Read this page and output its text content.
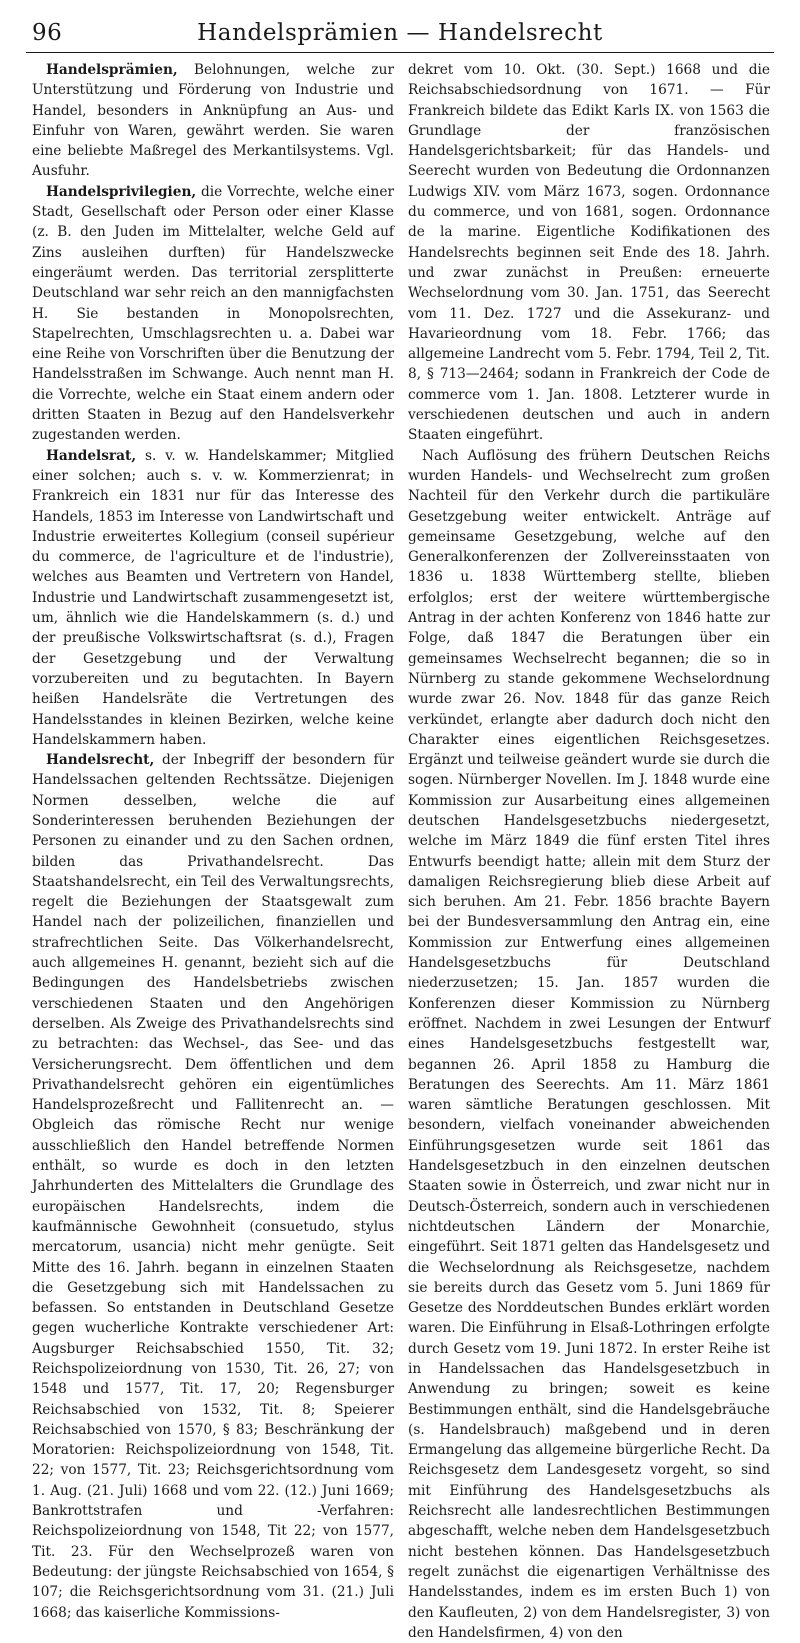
96	Handelsprämien — Handelsrecht

Handelsprämien, Belohnungen, welche zur Unterstützung und Förderung von Industrie und Handel, besonders in Anknüpfung an Aus- und Einfuhr von Waren, gewährt werden. Sie waren eine beliebte Maßregel des Merkantilsystems. Vgl. Ausfuhr.

Handelsprivilegien, die Vorrechte, welche einer Stadt, Gesellschaft oder Person oder einer Klasse (z. B. den Juden im Mittelalter, welche Geld auf Zins ausleihen durften) für Handelszwecke eingeräumt werden. Das territorial zersplitterte Deutschland war sehr reich an den mannigfachsten H. Sie bestanden in Monopolsrechten, Stapelrechten, Umschlagsrechten u. a. Dabei war eine Reihe von Vorschriften über die Benutzung der Handelsstraßen im Schwange. Auch nennt man H. die Vorrechte, welche ein Staat einem andern oder dritten Staaten in Bezug auf den Handelsverkehr zugestanden werden.

Handelsrat, s. v. w. Handelskammer; Mitglied einer solchen; auch s. v. w. Kommerzienrat; in Frankreich ein 1831 nur für das Interesse des Handels, 1853 im Interesse von Landwirtschaft und Industrie erweitertes Kollegium (conseil supérieur du commerce, de l'agriculture et de l'industrie), welches aus Beamten und Vertretern von Handel, Industrie und Landwirtschaft zusammengesetzt ist, um, ähnlich wie die Handelskammern (s. d.) und der preußische Volkswirtschaftsrat (s. d.), Fragen der Gesetzgebung und der Verwaltung vorzubereiten und zu begutachten. In Bayern heißen Handelsräte die Vertretungen des Handelsstandes in kleinen Bezirken, welche keine Handelskammern haben.

Handelsrecht, der Inbegriff der besondern für Handelssachen geltenden Rechtssätze. Diejenigen Normen desselben, welche die auf Sonderinteressen beruhenden Beziehungen der Personen zu einander und zu den Sachen ordnen, bilden das Privathandelsrecht. Das Staatshandelsrecht, ein Teil des Verwaltungsrechts, regelt die Beziehungen der Staatsgewalt zum Handel nach der polizeilichen, finanziellen und strafrechtlichen Seite. Das Völkerhandelsrecht, auch allgemeines H. genannt, bezieht sich auf die Bedingungen des Handelsbetriebs zwischen verschiedenen Staaten und den Angehörigen derselben. Als Zweige des Privathandelsrechts sind zu betrachten: das Wechsel-, das See- und das Versicherungsrecht. Dem öffentlichen und dem Privathandelsrecht gehören ein eigentümliches Handelsprozeßrecht und Fallitenrecht an. — Obgleich das römische Recht nur wenige ausschließlich den Handel betreffende Normen enthält, so wurde es doch in den letzten Jahrhunderten des Mittelalters die Grundlage des europäischen Handelsrechts, indem die kaufmännische Gewohnheit (consuetudo, stylus mercatorum, usancia) nicht mehr genügte. Seit Mitte des 16. Jahrh. begann in einzelnen Staaten die Gesetzgebung sich mit Handelssachen zu befassen. So entstanden in Deutschland Gesetze gegen wucherliche Kontrakte verschiedener Art: Augsburger Reichsabschied 1550, Tit. 32; Reichspolizeiordnung von 1530, Tit. 26, 27; von 1548 und 1577, Tit. 17, 20; Regensburger Reichsabschied von 1532, Tit. 8; Speierer Reichsabschied von 1570, § 83; Beschränkung der Moratorien: Reichspolizeiordnung von 1548, Tit. 22; von 1577, Tit. 23; Reichsgerichtsordnung vom 1. Aug. (21. Juli) 1668 und vom 22. (12.) Juni 1669; Bankrottstrafen und -Verfahren: Reichspolizeiordnung von 1548, Tit 22; von 1577, Tit. 23. Für den Wechselprozeß waren von Bedeutung: der jüngste Reichsabschied von 1654, § 107; die Reichsgerichtsordnung vom 31. (21.) Juli 1668; das kaiserliche Kommissions-

dekret vom 10. Okt. (30. Sept.) 1668 und die Reichsabschiedsordnung von 1671. — Für Frankreich bildete das Edikt Karls IX. von 1563 die Grundlage der französischen Handelsgerichtsbarkeit; für das Handels- und Seerecht wurden von Bedeutung die Ordonnanzen Ludwigs XIV. vom März 1673, sogen. Ordonnance du commerce, und von 1681, sogen. Ordonnance de la marine. Eigentliche Kodifikationen des Handelsrechts beginnen seit Ende des 18. Jahrh. und zwar zunächst in Preußen: erneuerte Wechselordnung vom 30. Jan. 1751, das Seerecht vom 11. Dez. 1727 und die Assekuranz- und Havarieordnung vom 18. Febr. 1766; das allgemeine Landrecht vom 5. Febr. 1794, Teil 2, Tit. 8, § 713—2464; sodann in Frankreich der Code de commerce vom 1. Jan. 1808. Letzterer wurde in verschiedenen deutschen und auch in andern Staaten eingeführt.

Nach Auflösung des frühern Deutschen Reichs wurden Handels- und Wechselrecht zum großen Nachteil für den Verkehr durch die partikuläre Gesetzgebung weiter entwickelt. Anträge auf gemeinsame Gesetzgebung, welche auf den Generalkonferenzen der Zollvereinsstaaten von 1836 u. 1838 Württemberg stellte, blieben erfolglos; erst der weitere württembergische Antrag in der achten Konferenz von 1846 hatte zur Folge, daß 1847 die Beratungen über ein gemeinsames Wechselrecht begannen; die so in Nürnberg zu stande gekommene Wechselordnung wurde zwar 26. Nov. 1848 für das ganze Reich verkündet, erlangte aber dadurch doch nicht den Charakter eines eigentlichen Reichsgesetzes. Ergänzt und teilweise geändert wurde sie durch die sogen. Nürnberger Novellen. Im J. 1848 wurde eine Kommission zur Ausarbeitung eines allgemeinen deutschen Handelsgesetzbuchs niedergesetzt, welche im März 1849 die fünf ersten Titel ihres Entwurfs beendigt hatte; allein mit dem Sturz der damaligen Reichsregierung blieb diese Arbeit auf sich beruhen. Am 21. Febr. 1856 brachte Bayern bei der Bundesversammlung den Antrag ein, eine Kommission zur Entwerfung eines allgemeinen Handelsgesetzbuchs für Deutschland niederzusetzen; 15. Jan. 1857 wurden die Konferenzen dieser Kommission zu Nürnberg eröffnet. Nachdem in zwei Lesungen der Entwurf eines Handelsgesetzbuchs festgestellt war, begannen 26. April 1858 zu Hamburg die Beratungen des Seerechts. Am 11. März 1861 waren sämtliche Beratungen geschlossen. Mit besondern, vielfach voneinander abweichenden Einführungsgesetzen wurde seit 1861 das Handelsgesetzbuch in den einzelnen deutschen Staaten sowie in Österreich, und zwar nicht nur in Deutsch-Österreich, sondern auch in verschiedenen nichtdeutschen Ländern der Monarchie, eingeführt. Seit 1871 gelten das Handelsgesetz und die Wechselordnung als Reichsgesetze, nachdem sie bereits durch das Gesetz vom 5. Juni 1869 für Gesetze des Norddeutschen Bundes erklärt worden waren. Die Einführung in Elsaß-Lothringen erfolgte durch Gesetz vom 19. Juni 1872. In erster Reihe ist in Handelssachen das Handelsgesetzbuch in Anwendung zu bringen; soweit es keine Bestimmungen enthält, sind die Handelsgebräuche (s. Handelsbrauch) maßgebend und in deren Ermangelung das allgemeine bürgerliche Recht. Da Reichsgesetz dem Landesgesetz vorgeht, so sind mit Einführung des Handelsgesetzbuchs als Reichsrecht alle landesrechtlichen Bestimmungen abgeschafft, welche neben dem Handelsgesetzbuch nicht bestehen können. Das Handelsgesetzbuch regelt zunächst die eigenartigen Verhältnisse des Handelsstandes, indem es im ersten Buch 1) von den Kaufleuten, 2) von dem Handelsregister, 3) von den Handelsfirmen, 4) von den
